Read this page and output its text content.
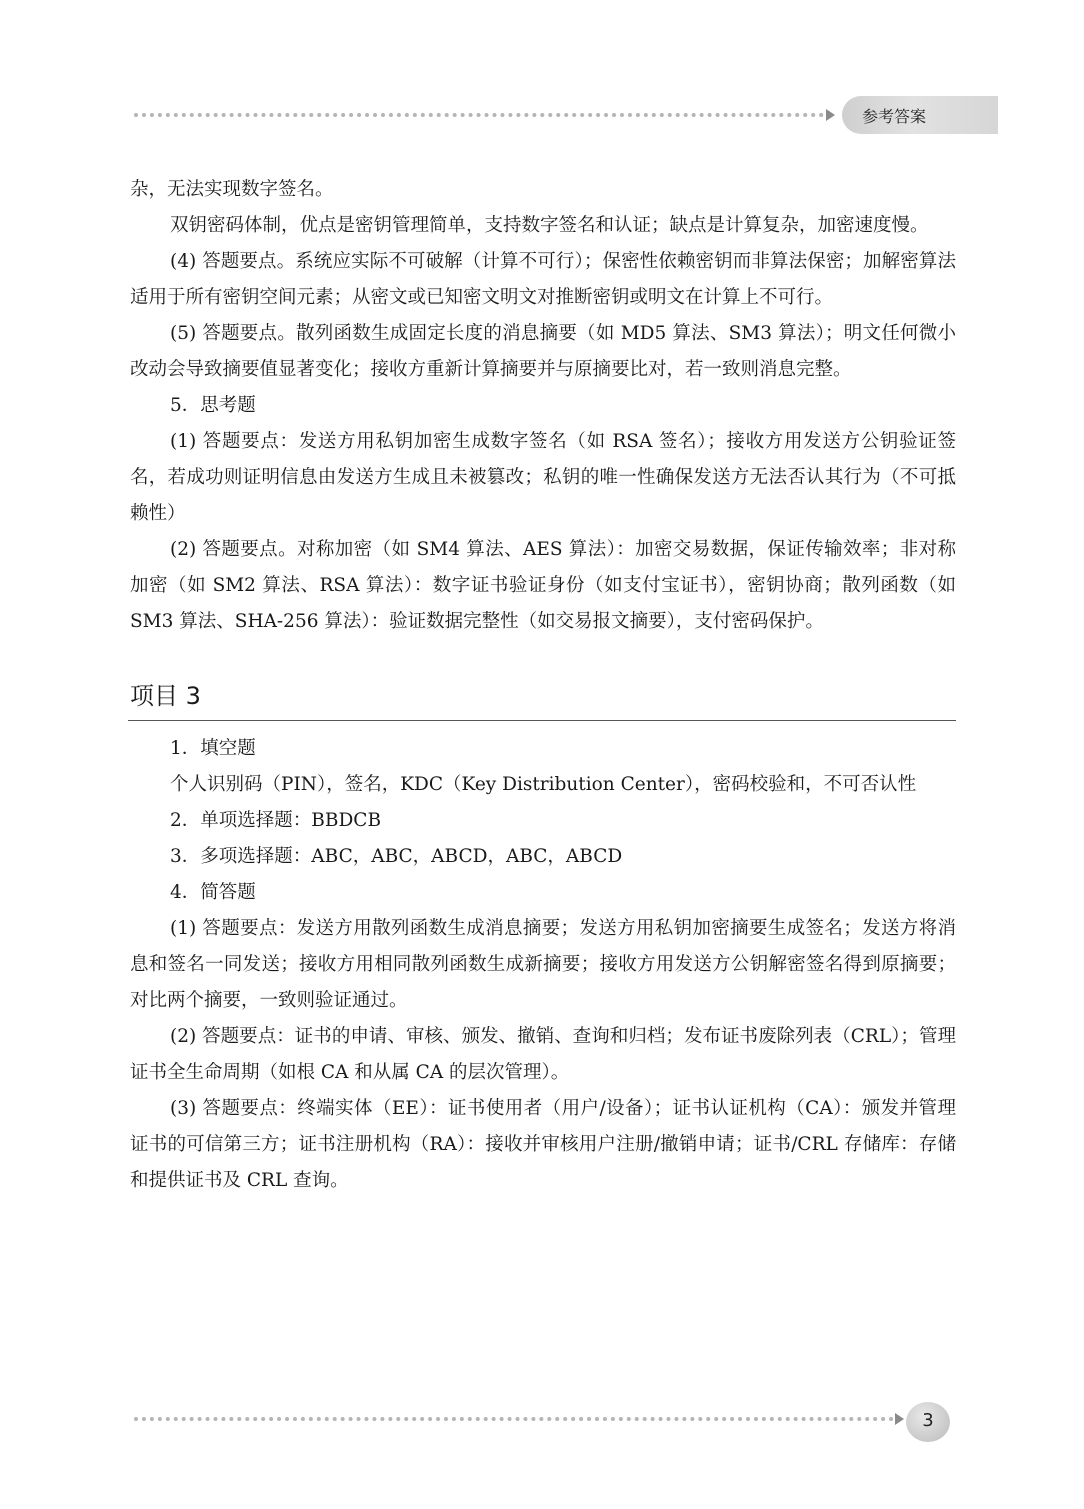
参考答案

杂，无法实现数字签名。

双钥密码体制，优点是密钥管理简单，支持数字签名和认证；缺点是计算复杂，加密速度慢。

(4) 答题要点。系统应实际不可破解（计算不可行）；保密性依赖密钥而非算法保密；加解密算法适用于所有密钥空间元素；从密文或已知密文明文对推断密钥或明文在计算上不可行。

(5) 答题要点。散列函数生成固定长度的消息摘要（如 MD5 算法、SM3 算法）；明文任何微小改动会导致摘要值显著变化；接收方重新计算摘要并与原摘要比对，若一致则消息完整。

5．思考题

(1) 答题要点：发送方用私钥加密生成数字签名（如 RSA 签名）；接收方用发送方公钥验证签名，若成功则证明信息由发送方生成且未被篡改；私钥的唯一性确保发送方无法否认其行为（不可抵赖性）

(2) 答题要点。对称加密（如 SM4 算法、AES 算法）：加密交易数据，保证传输效率；非对称加密（如 SM2 算法、RSA 算法）：数字证书验证身份（如支付宝证书），密钥协商；散列函数（如 SM3 算法、SHA-256 算法）：验证数据完整性（如交易报文摘要），支付密码保护。

项目 3

1．填空题

个人识别码（PIN），签名，KDC（Key Distribution Center），密码校验和，不可否认性

2．单项选择题：BBDCB

3．多项选择题：ABC，ABC，ABCD，ABC，ABCD

4．简答题

(1) 答题要点：发送方用散列函数生成消息摘要；发送方用私钥加密摘要生成签名；发送方将消息和签名一同发送；接收方用相同散列函数生成新摘要；接收方用发送方公钥解密签名得到原摘要；对比两个摘要，一致则验证通过。

(2) 答题要点：证书的申请、审核、颁发、撤销、查询和归档；发布证书废除列表（CRL）；管理证书全生命周期（如根 CA 和从属 CA 的层次管理）。

(3) 答题要点：终端实体（EE）：证书使用者（用户/设备）；证书认证机构（CA）：颁发并管理证书的可信第三方；证书注册机构（RA）：接收并审核用户注册/撤销申请；证书/CRL 存储库：存储和提供证书及 CRL 查询。

3
